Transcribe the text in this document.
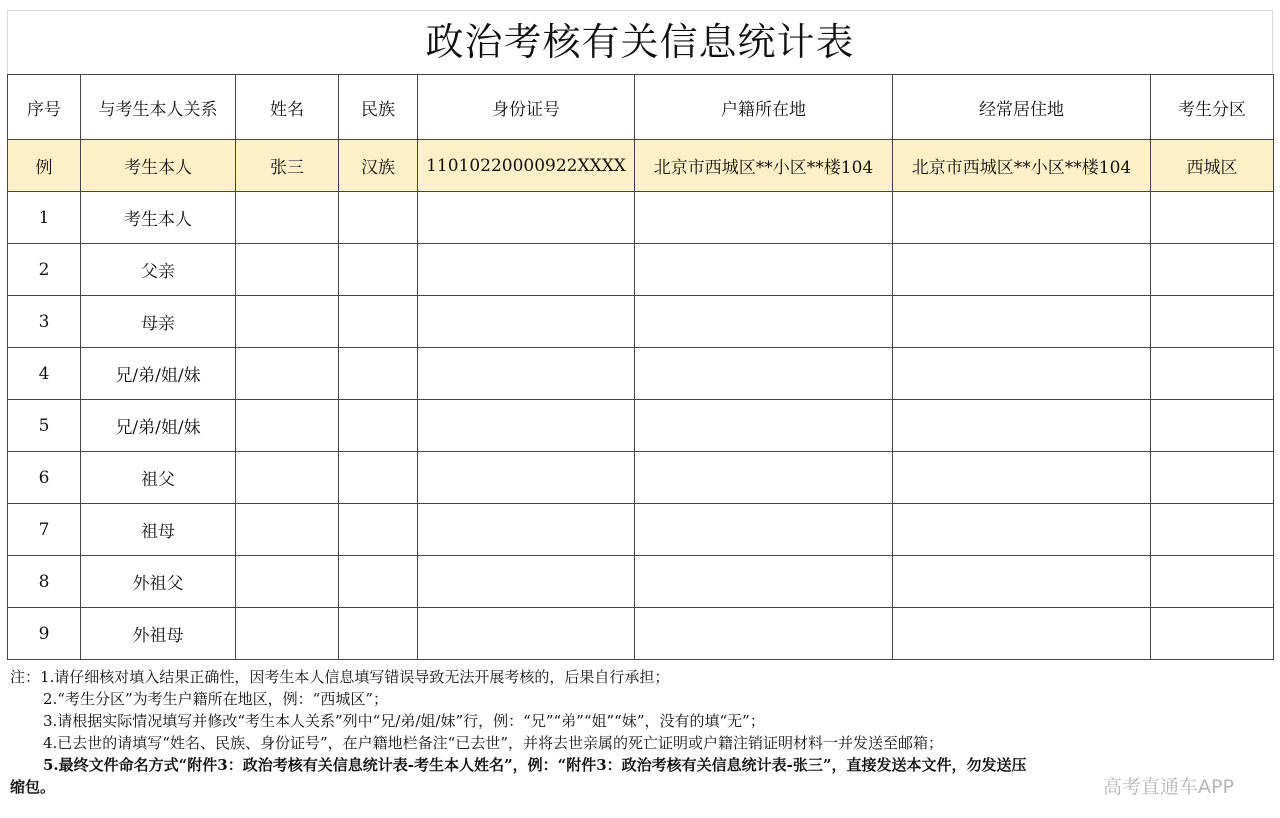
政治考核有关信息统计表
序号	与考生本人关系	姓名	民族	身份证号	户籍所在地	经常居住地	考生分区
例	考生本人	张三	汉族	11010220000922XXXX	北京市西城区**小区**楼104	北京市西城区**小区**楼104	西城区
1	考生本人						
2	父亲						
3	母亲						
4	兄/弟/姐/妹						
5	兄/弟/姐/妹						
6	祖父						
7	祖母						
8	外祖父						
9	外祖母						

注：1.请仔细核对填入结果正确性，因考生本人信息填写错误导致无法开展考核的，后果自行承担；

2.“考生分区”为考生户籍所在地区，例：“西城区”；

3.请根据实际情况填写并修改“考生本人关系”列中“兄/弟/姐/妹”行，例：“兄”“弟”“姐”“妹”，没有的填“无”；

4.已去世的请填写“姓名、民族、身份证号”，在户籍地栏备注“已去世”，并将去世亲属的死亡证明或户籍注销证明材料一并发送至邮箱；

5.最终文件命名方式“附件3：政治考核有关信息统计表-考生本人姓名”，例：“附件3：政治考核有关信息统计表-张三”，直接发送本文件，勿发送压

缩包。	高考直通车APP
